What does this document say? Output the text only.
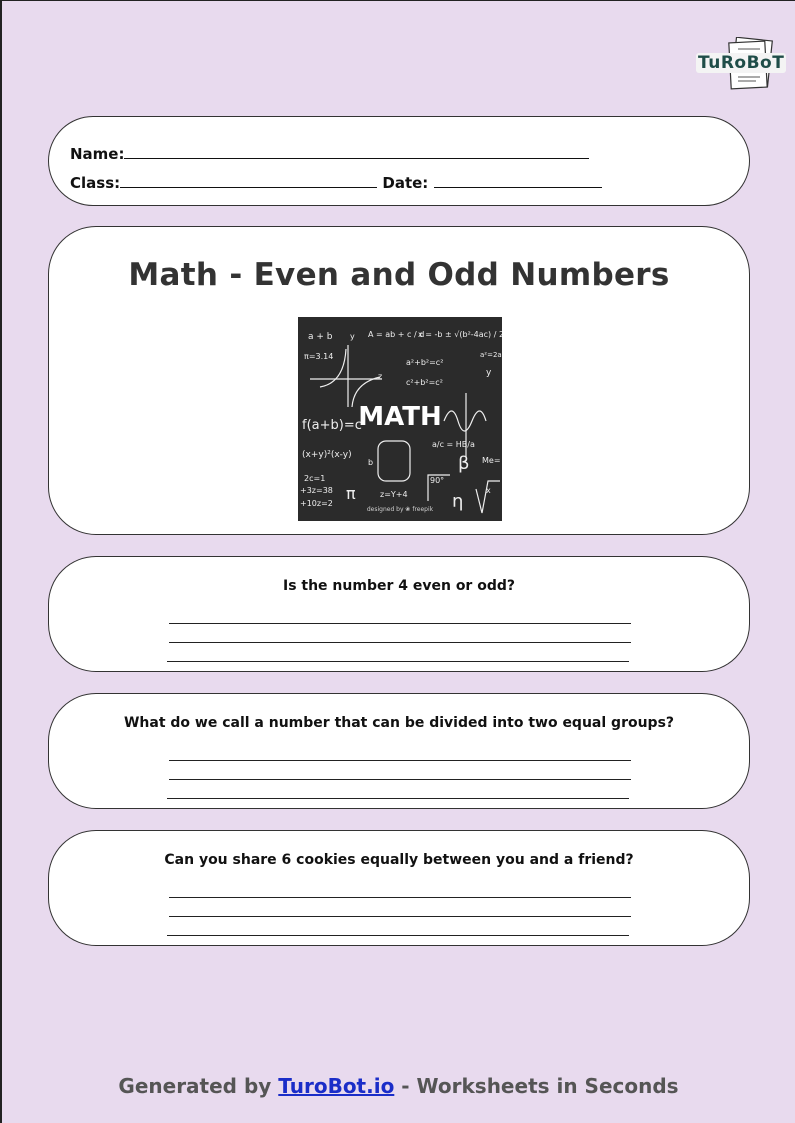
TuRoBoT
Name:
Class:	Date:
Math - Even and Odd Numbers
a + b	A = ab + c / d
x = -b ± √(b²-4ac) / 2a
π=3.14
a²+b²=c²
c²+b²=c²
a²=2a
f(a+b)=c
(x+y)²(x-y)
2c=1
+3z=38
+10z=2
z=Y+4
a/c = HB/a
Me=
90°
β
η
π
y
x
b
y
z
MATH
designed by ❀ freepik
Is the number 4 even or odd?
What do we call a number that can be divided into two equal groups?
Can you share 6 cookies equally between you and a friend?
Generated by TuroBot.io - Worksheets in Seconds
